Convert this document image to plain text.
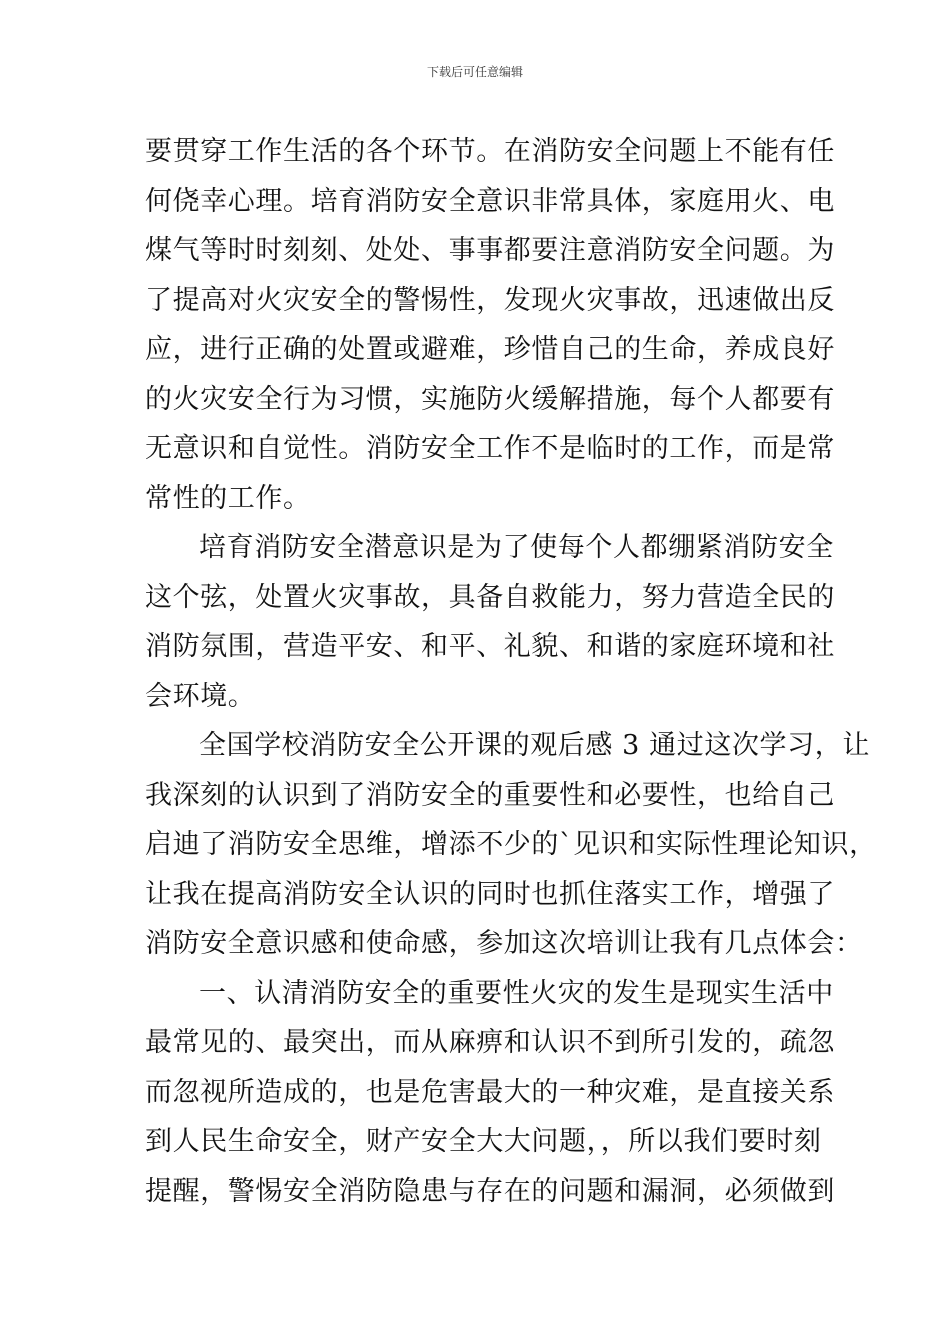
下载后可任意编辑
要贯穿工作生活的各个环节。在消防安全问题上不能有任
何侥幸心理。培育消防安全意识非常具体，家庭用火、电
煤气等时时刻刻、处处、事事都要注意消防安全问题。为
了提高对火灾安全的警惕性，发现火灾事故，迅速做出反
应，进行正确的处置或避难，珍惜自己的生命，养成良好
的火灾安全行为习惯，实施防火缓解措施，每个人都要有
无意识和自觉性。消防安全工作不是临时的工作，而是常
常性的工作。
培育消防安全潜意识是为了使每个人都绷紧消防安全
这个弦，处置火灾事故，具备自救能力，努力营造全民的
消防氛围，营造平安、和平、礼貌、和谐的家庭环境和社
会环境。
全国学校消防安全公开课的观后感 3 通过这次学习，让
我深刻的认识到了消防安全的重要性和必要性，也给自己
启迪了消防安全思维，增添不少的`见识和实际性理论知识，
让我在提高消防安全认识的同时也抓住落实工作，增强了
消防安全意识感和使命感，参加这次培训让我有几点体会：
一、认清消防安全的重要性火灾的发生是现实生活中
最常见的、最突出，而从麻痹和认识不到所引发的，疏忽
而忽视所造成的，也是危害最大的一种灾难，是直接关系
到人民生命安全，财产安全大大问题，，所以我们要时刻
提醒，警惕安全消防隐患与存在的问题和漏洞，必须做到
